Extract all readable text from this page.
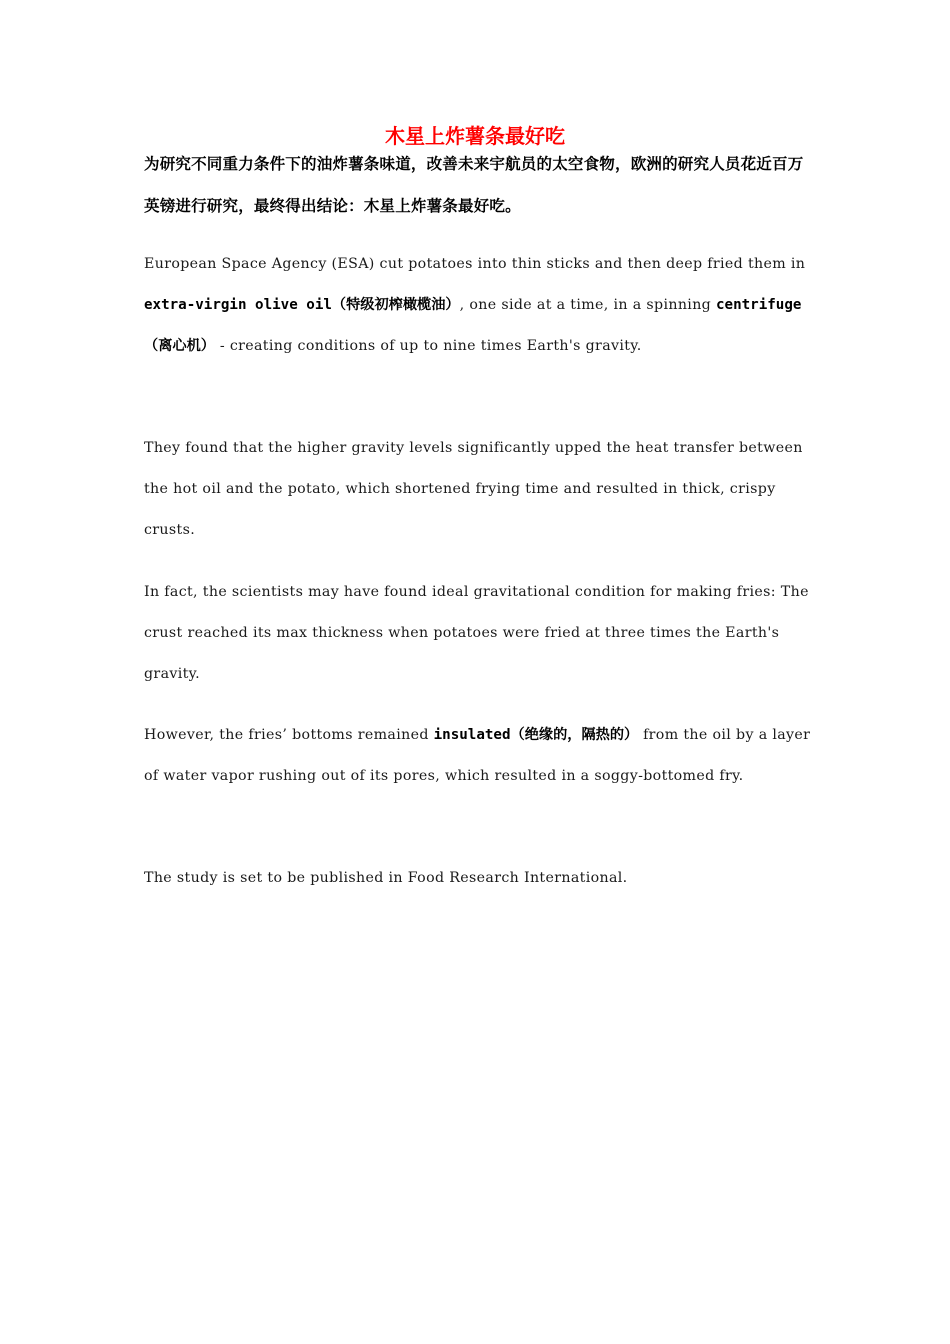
木星上炸薯条最好吃

为研究不同重力条件下的油炸薯条味道，改善未来宇航员的太空食物，欧洲的研究人员花近百万英镑进行研究，最终得出结论：木星上炸薯条最好吃。

European Space Agency (ESA) cut potatoes into thin sticks and then deep fried them in extra-virgin olive oil（特级初榨橄榄油）, one side at a time, in a spinning centrifuge（离心机） - creating conditions of up to nine times Earth's gravity.

They found that the higher gravity levels significantly upped the heat transfer between the hot oil and the potato, which shortened frying time and resulted in thick, crispy crusts.

In fact, the scientists may have found ideal gravitational condition for making fries: The crust reached its max thickness when potatoes were fried at three times the Earth's gravity.

However, the fries’ bottoms remained insulated（绝缘的，隔热的） from the oil by a layer of water vapor rushing out of its pores, which resulted in a soggy-bottomed fry.

The study is set to be published in Food Research International.
